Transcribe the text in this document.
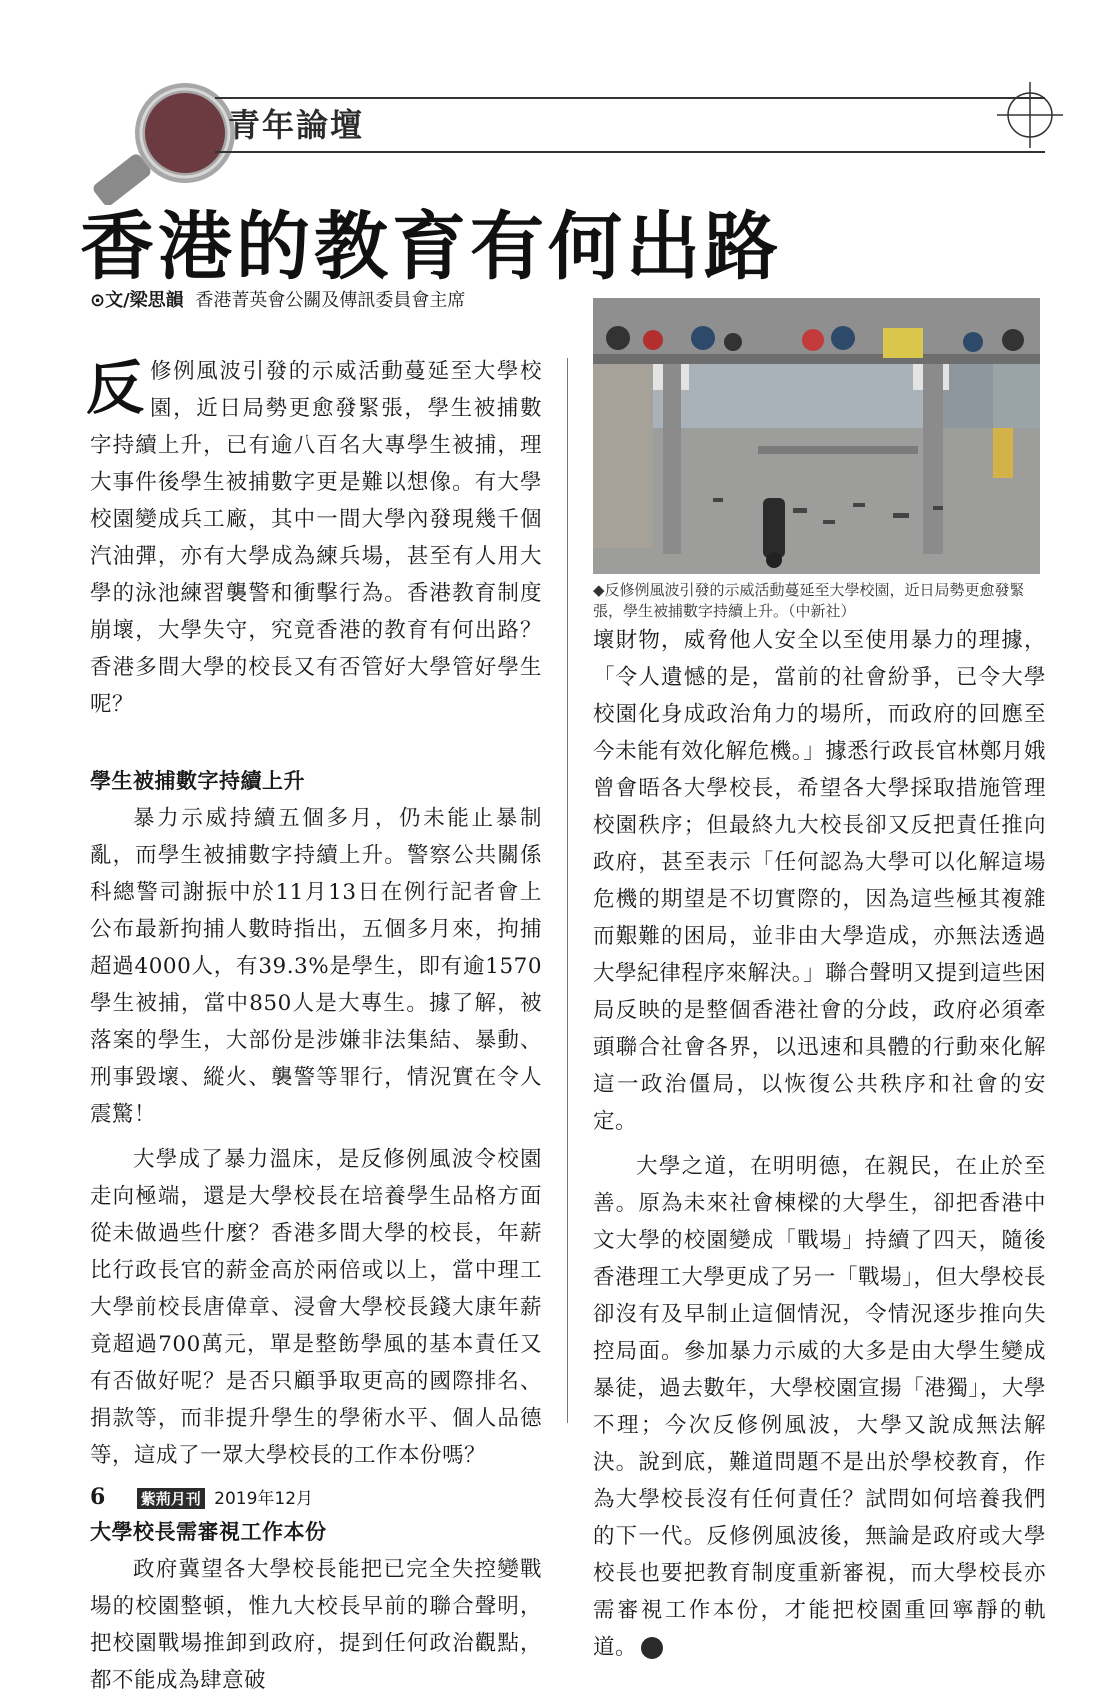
青年論壇
香港的教育有何出路
⊙文/梁思韻 香港菁英會公關及傳訊委員會主席
反 修例風波引發的示威活動蔓延至大學校園，近日局勢更愈發緊張，學生被捕數字持續上升，已有逾八百名大專學生被捕，理大事件後學生被捕數字更是難以想像。有大學校園變成兵工廠，其中一間大學內發現幾千個汽油彈，亦有大學成為練兵場，甚至有人用大學的泳池練習襲警和衝擊行為。香港教育制度崩壞，大學失守，究竟香港的教育有何出路？香港多間大學的校長又有否管好大學管好學生呢？

學生被捕數字持續上升

暴力示威持續五個多月，仍未能止暴制亂，而學生被捕數字持續上升。警察公共關係科總警司謝振中於11月13日在例行記者會上公布最新拘捕人數時指出，五個多月來，拘捕超過4000人，有39.3%是學生，即有逾1570學生被捕，當中850人是大專生。據了解，被落案的學生，大部份是涉嫌非法集結、暴動、刑事毀壞、縱火、襲警等罪行，情況實在令人震驚！

大學成了暴力溫床，是反修例風波令校園走向極端，還是大學校長在培養學生品格方面從未做過些什麼？香港多間大學的校長，年薪比行政長官的薪金高於兩倍或以上，當中理工大學前校長唐偉章、浸會大學校長錢大康年薪竟超過700萬元，單是整飭學風的基本責任又有否做好呢？是否只顧爭取更高的國際排名、捐款等，而非提升學生的學術水平、個人品德等，這成了一眾大學校長的工作本份嗎？

大學校長需審視工作本份

政府冀望各大學校長能把已完全失控變戰場的校園整頓，惟九大校長早前的聯合聲明，把校園戰場推卸到政府，提到任何政治觀點，都不能成為肆意破

◆反修例風波引發的示威活動蔓延至大學校園，近日局勢更愈發緊張，學生被捕數字持續上升。（中新社）

壞財物，威脅他人安全以至使用暴力的理據，「令人遺憾的是，當前的社會紛爭，已令大學校園化身成政治角力的場所，而政府的回應至今未能有效化解危機。」據悉行政長官林鄭月娥曾會晤各大學校長，希望各大學採取措施管理校園秩序；但最終九大校長卻又反把責任推向政府，甚至表示「任何認為大學可以化解這場危機的期望是不切實際的，因為這些極其複雜而艱難的困局，並非由大學造成，亦無法透過大學紀律程序來解決。」聯合聲明又提到這些困局反映的是整個香港社會的分歧，政府必須牽頭聯合社會各界，以迅速和具體的行動來化解這一政治僵局，以恢復公共秩序和社會的安定。

大學之道，在明明德，在親民，在止於至善。原為未來社會棟樑的大學生，卻把香港中文大學的校園變成「戰場」持續了四天，隨後香港理工大學更成了另一「戰場」，但大學校長卻沒有及早制止這個情況，令情況逐步推向失控局面。參加暴力示威的大多是由大學生變成暴徒，過去數年，大學校園宣揚「港獨」，大學不理；今次反修例風波，大學又說成無法解決。說到底，難道問題不是出於學校教育，作為大學校長沒有任何責任？試問如何培養我們的下一代。反修例風波後，無論是政府或大學校長也要把教育制度重新審視，而大學校長亦需審視工作本份，才能把校園重回寧靜的軌道。	紫

6 紫荊月刊 2019年12月
